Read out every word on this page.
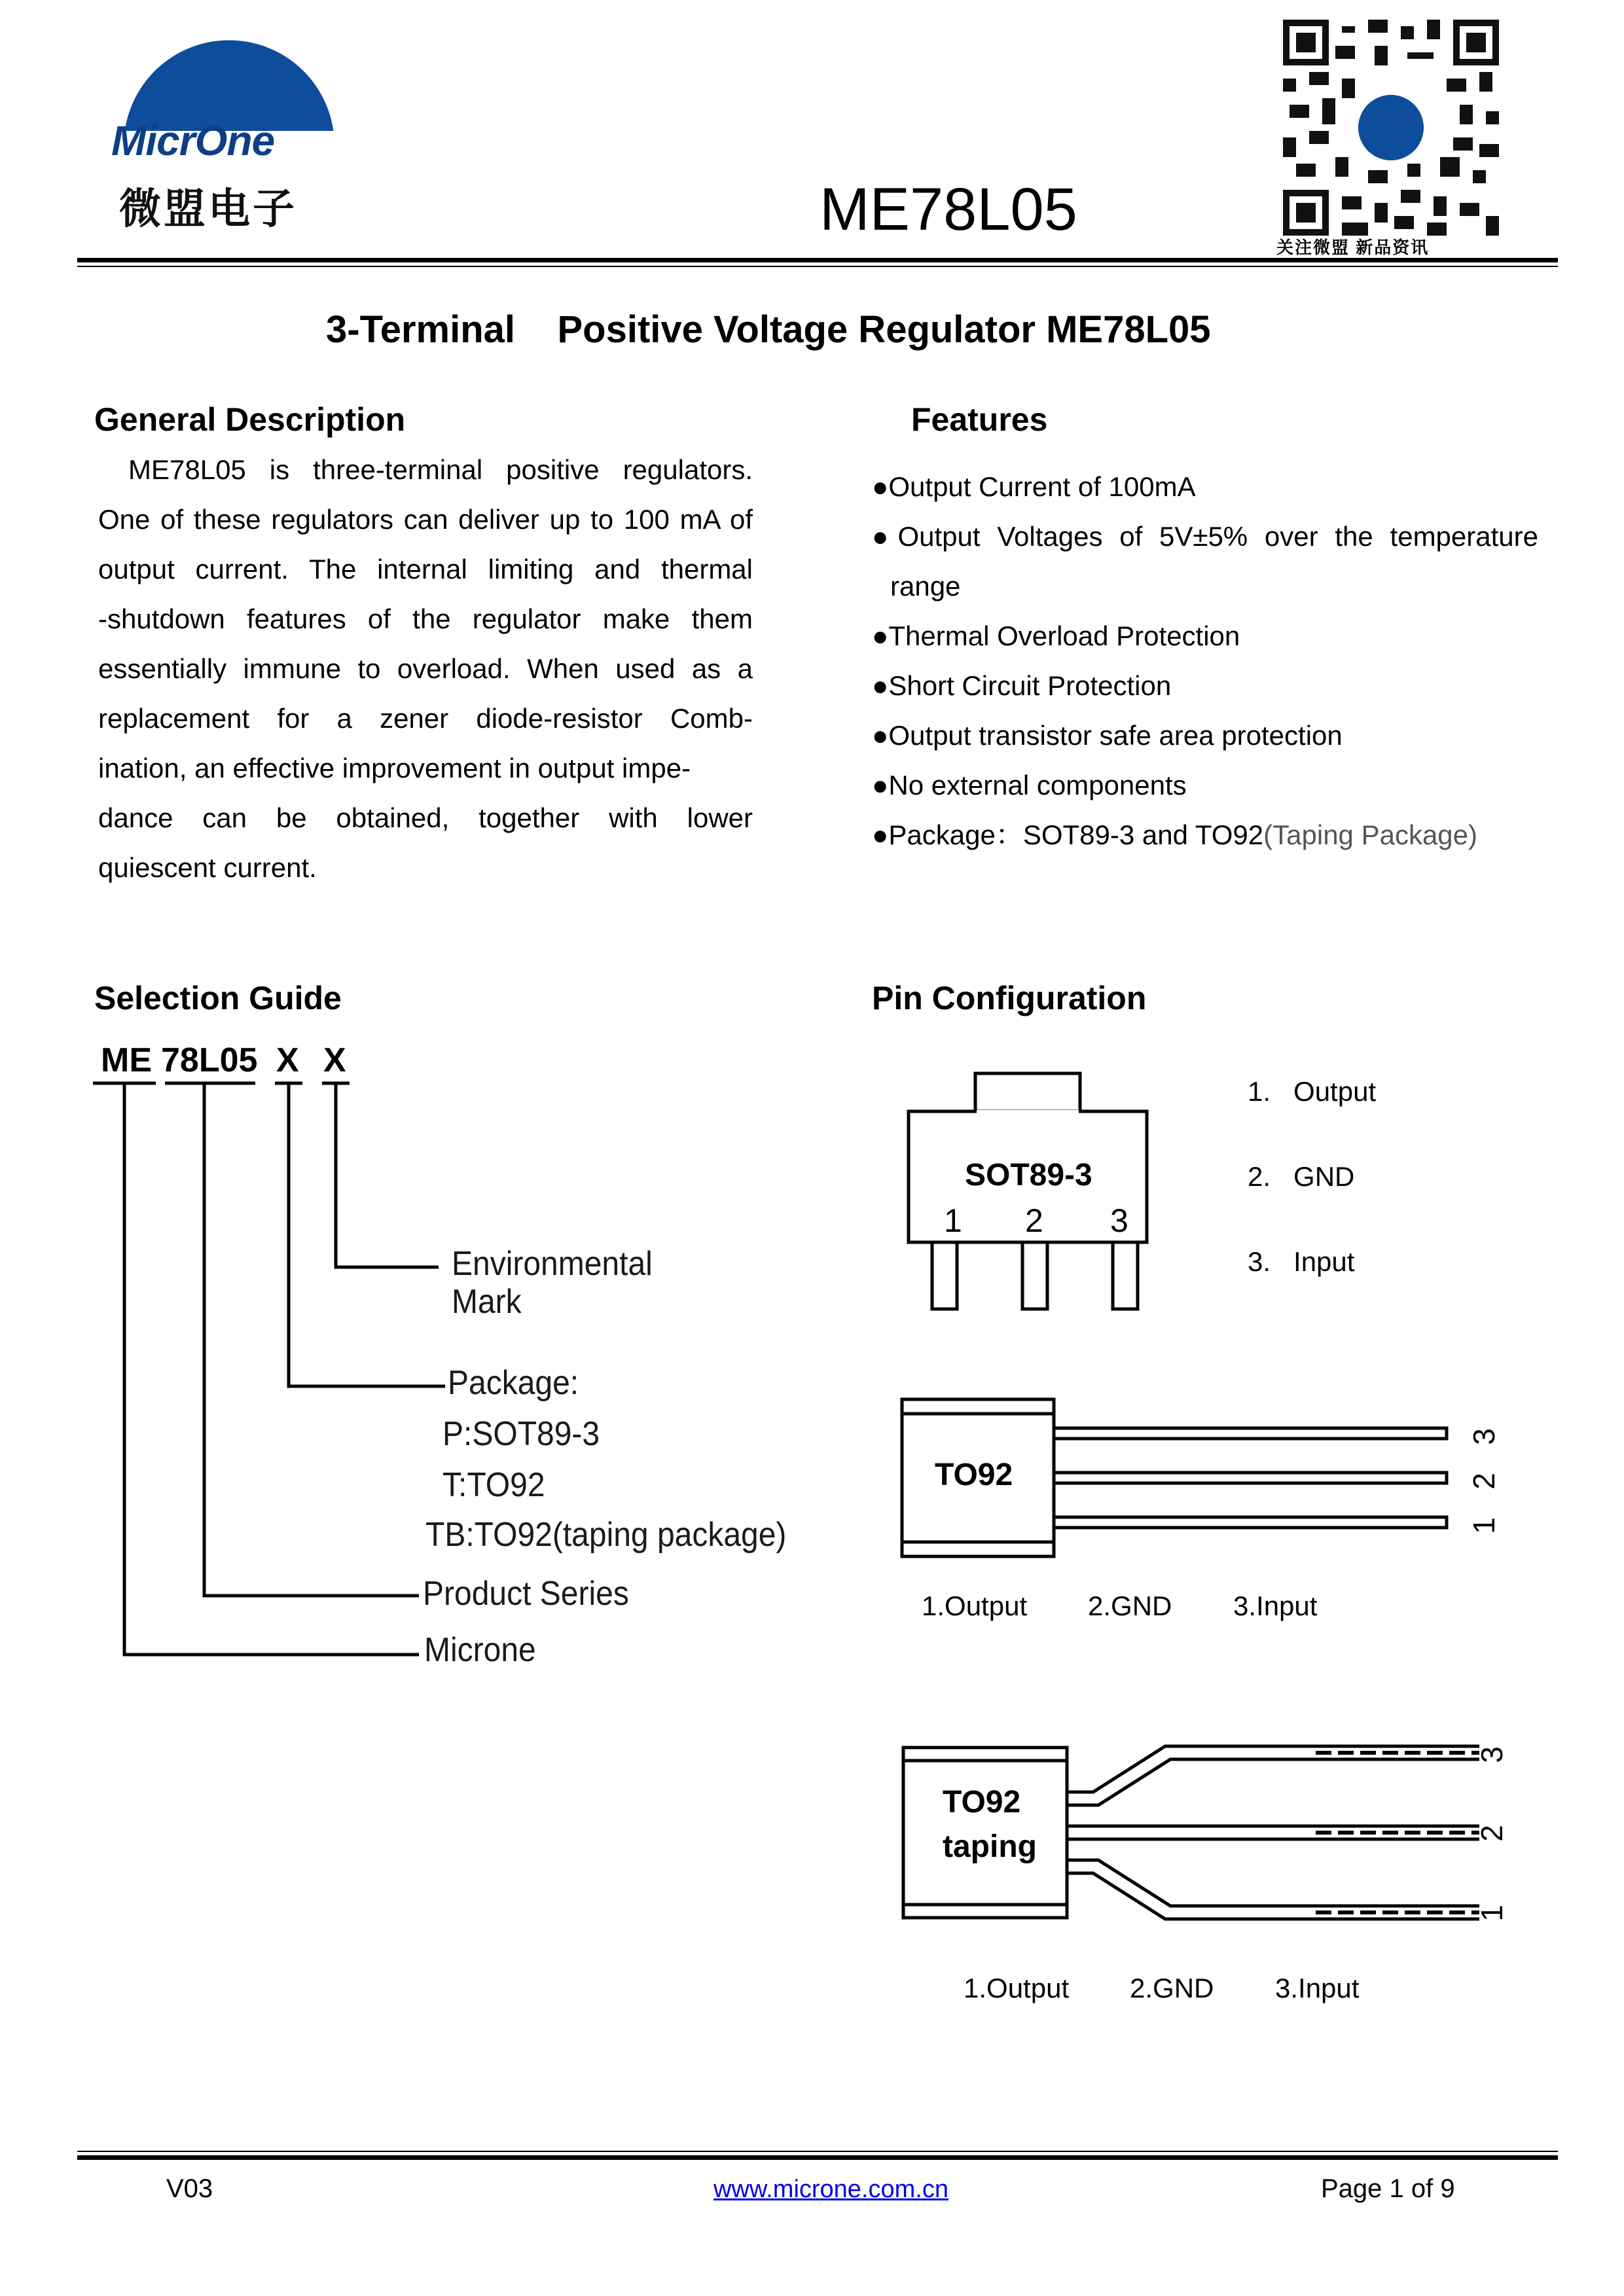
MicrOne
微盟电子	ME78L05
关注微盟 新品资讯
3-Terminal    Positive Voltage Regulator ME78L05
General Description
ME78L05 is three-terminal positive regulators.
One of these regulators can deliver up to 100 mA of
output current. The internal limiting and thermal
-shutdown features of the regulator make them
essentially immune to overload. When used as a
replacement for a zener diode-resistor Comb-
ination, an effective improvement in output impe-
dance can be obtained, together with lower
quiescent current.
Features
●Output Current of 100mA
●Output Voltages of 5V±5% over the temperature
range
●Thermal Overload Protection
●Short Circuit Protection
●Output transistor safe area protection
●No external components
●Package：SOT89-3 and TO92(Taping Package)
Selection Guide
ME 78L05 X X
Environmental
Mark
Package:
P:SOT89-3
T:TO92
TB:TO92(taping package)
Product Series
Microne
Pin Configuration
SOT89-3
1 2 3
1.   Output
2.   GND
3.   Input
TO92
3
2
1
1.Output 2.GND 3.Input
TO92
taping
3
2
1
1.Output 2.GND 3.Input
V03	www.microne.com.cn	Page 1 of 9
